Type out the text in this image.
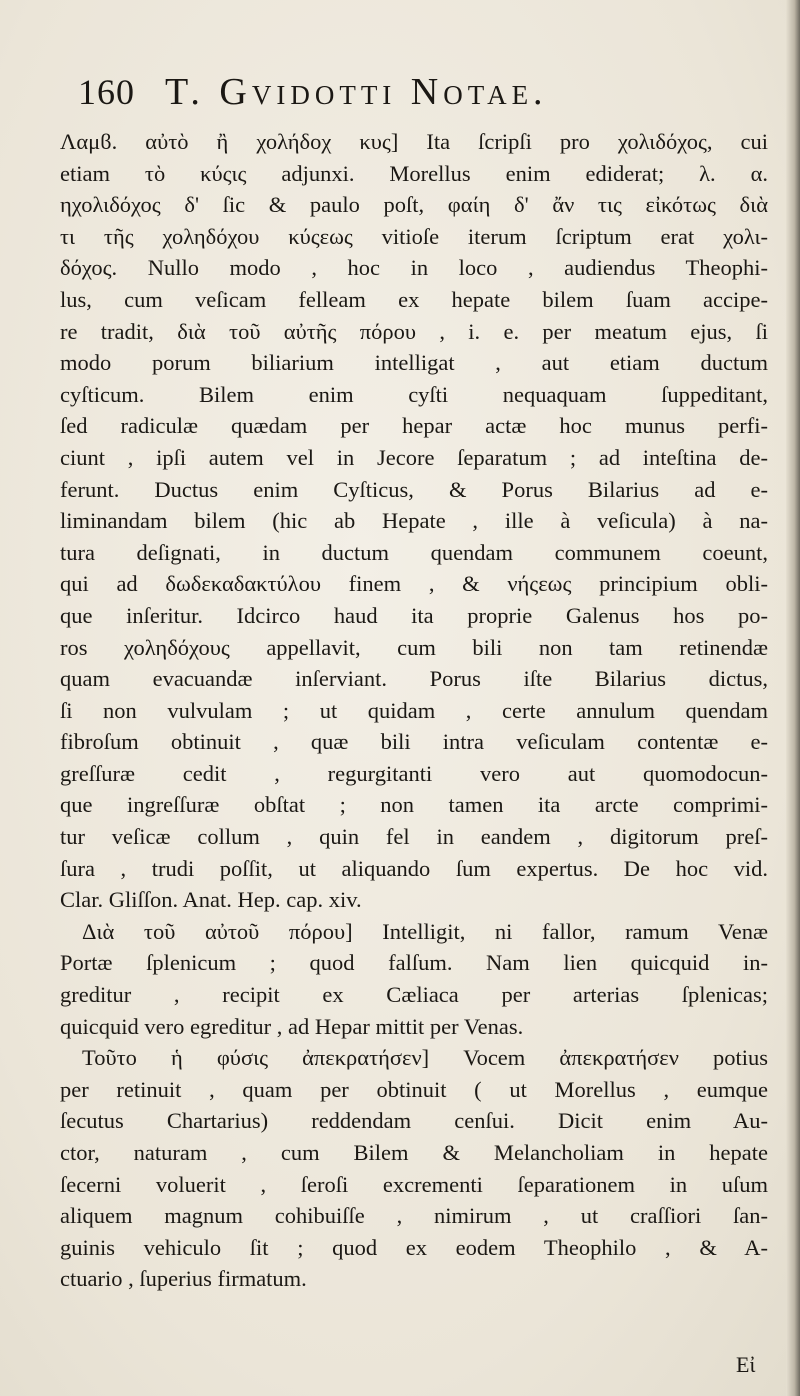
160 T. Gvidotti Notae.
Λαμϐ. αὐτὸ ἢ χολήδοχ κυς] Ita ſcripſi pro χολιδόχος, cui
etiam τὸ κύςις adjunxi. Morellus enim ediderat; λ. α.
ηχολιδόχος δ' ſic & paulo poſt, φαίη δ' ἄν τις εἰκότως διὰ
τι τῆς χοληδόχου κύςεως vitioſe iterum ſcriptum erat χολι-
δόχος. Nullo modo , hoc in loco , audiendus Theophi-
lus, cum veſicam felleam ex hepate bilem ſuam accipe-
re tradit, διὰ τοῦ αὐτῆς πόρου , i. e. per meatum ejus, ſi
modo porum biliarium intelligat , aut etiam ductum
cyſticum. Bilem enim cyſti nequaquam ſuppeditant,
ſed radiculæ quædam per hepar actæ hoc munus perfi-
ciunt , ipſi autem vel in Jecore ſeparatum ; ad inteſtina de-
ferunt. Ductus enim Cyſticus, & Porus Bilarius ad e-
liminandam bilem (hic ab Hepate , ille à veſicula) à na-
tura deſignati, in ductum quendam communem coeunt,
qui ad δωδεκαδακτύλου finem , & νήςεως principium obli-
que inſeritur. Idcirco haud ita proprie Galenus hos po-
ros χοληδόχους appellavit, cum bili non tam retinendæ
quam evacuandæ inſerviant. Porus iſte Bilarius dictus,
ſi non vulvulam ; ut quidam , certe annulum quendam
fibroſum obtinuit , quæ bili intra veſiculam contentæ e-
greſſuræ cedit , regurgitanti vero aut quomodocun-
que ingreſſuræ obſtat ; non tamen ita arcte comprimi-
tur veſicæ collum , quin fel in eandem , digitorum preſ-
ſura , trudi poſſit, ut aliquando ſum expertus. De hoc vid.
Clar. Gliſſon. Anat. Hep. cap. xiv.
Διὰ τοῦ αὐτοῦ πόρου] Intelligit, ni fallor, ramum Venæ
Portæ ſplenicum ; quod falſum. Nam lien quicquid in-
greditur , recipit ex Cæliaca per arterias ſplenicas;
quicquid vero egreditur , ad Hepar mittit per Venas.
Τοῦτο ἡ φύσις ἀπεκρατήσεν] Vocem ἀπεκρατήσεν potius
per retinuit , quam per obtinuit ( ut Morellus , eumque
ſecutus Chartarius) reddendam cenſui. Dicit enim Au-
ctor, naturam , cum Bilem & Melancholiam in hepate
ſecerni voluerit , ſeroſi excrementi ſeparationem in uſum
aliquem magnum cohibuiſſe , nimirum , ut craſſiori ſan-
guinis vehiculo ſit ; quod ex eodem Theophilo , & A-
ctuario , ſuperius firmatum.
Eἰ
